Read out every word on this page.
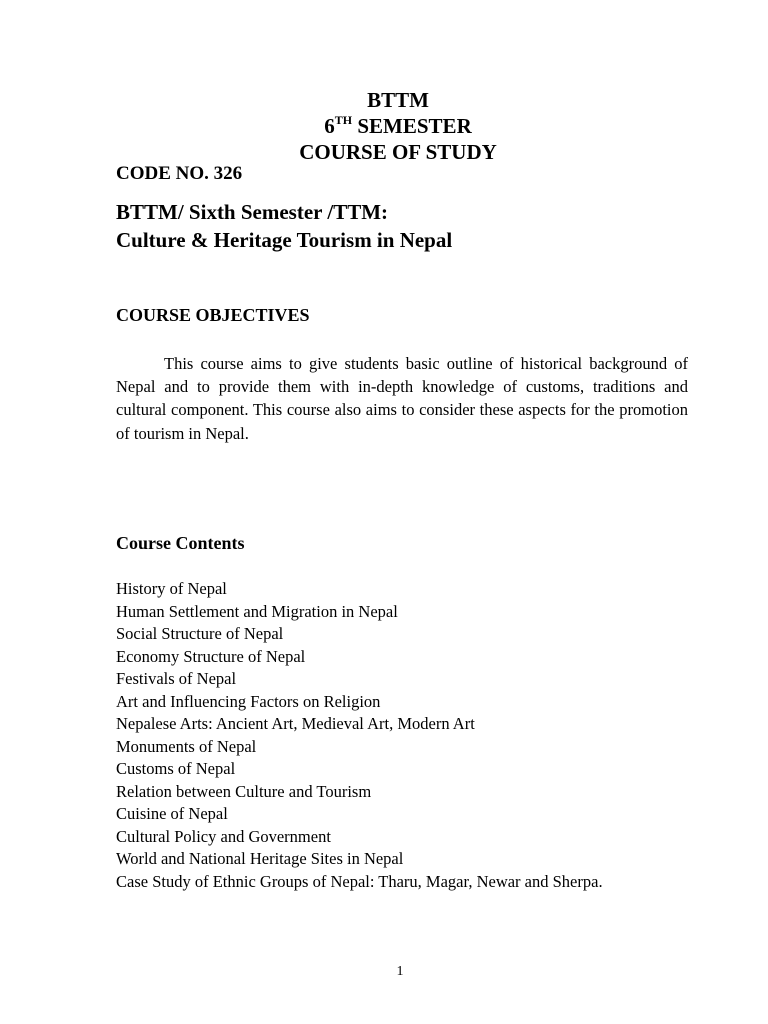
BTTM
6TH SEMESTER
COURSE OF STUDY
CODE NO. 326
BTTM/ Sixth Semester /TTM:
Culture & Heritage Tourism in Nepal
COURSE OBJECTIVES

This course aims to give students basic outline of historical background of Nepal and to provide them with in-depth knowledge of customs, traditions and cultural component. This course also aims to consider these aspects for the promotion of tourism in Nepal.

Course Contents
History of Nepal
Human Settlement and Migration in Nepal
Social Structure of Nepal
Economy Structure of Nepal
Festivals of Nepal
Art and Influencing Factors on Religion
Nepalese Arts: Ancient Art, Medieval Art, Modern Art
Monuments of Nepal
Customs of Nepal
Relation between Culture and Tourism
Cuisine of Nepal
Cultural Policy and Government
World and National Heritage Sites in Nepal
Case Study of Ethnic Groups of Nepal: Tharu, Magar, Newar and Sherpa.
1
